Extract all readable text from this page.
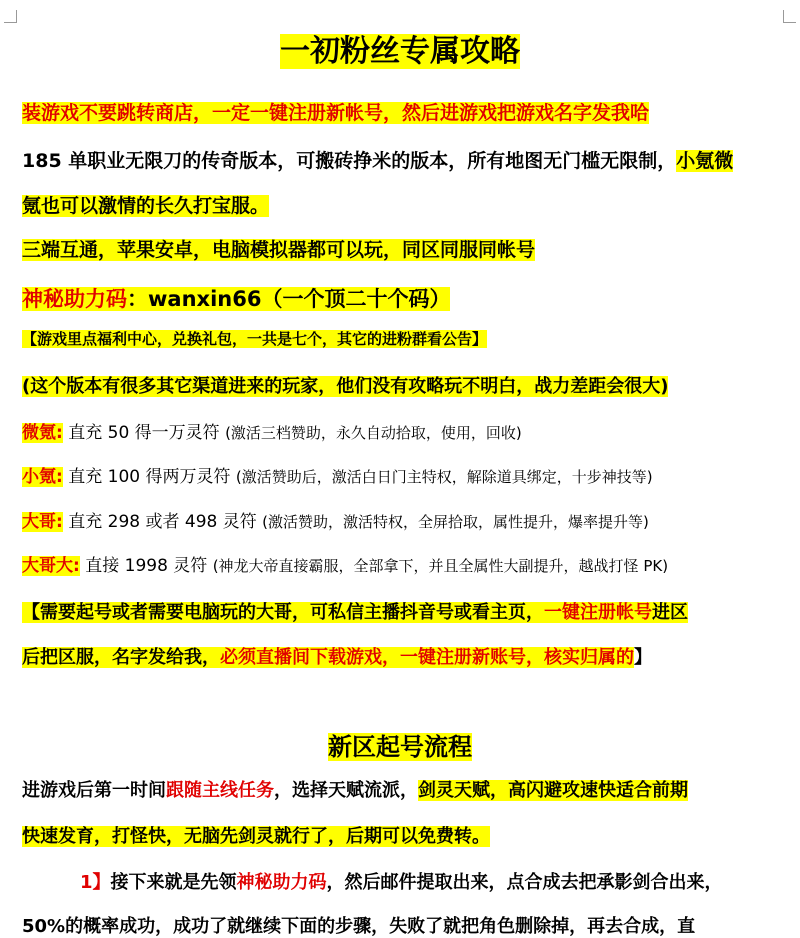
一初粉丝专属攻略
装游戏不要跳转商店，一定一键注册新帐号，然后进游戏把游戏名字发我哈
185 单职业无限刀的传奇版本，可搬砖挣米的版本，所有地图无门槛无限制，小氪微
氪也可以激情的长久打宝服。
三端互通，苹果安卓，电脑模拟器都可以玩，同区同服同帐号
神秘助力码：wanxin66（一个顶二十个码）
【游戏里点福利中心，兑换礼包，一共是七个，其它的进粉群看公告】
(这个版本有很多其它渠道进来的玩家，他们没有攻略玩不明白，战力差距会很大)
微氪: 直充 50 得一万灵符 (激活三档赞助，永久自动拾取，使用，回收)
小氪: 直充 100 得两万灵符 (激活赞助后，激活白日门主特权，解除道具绑定，十步神技等)
大哥: 直充 298 或者 498 灵符 (激活赞助，激活特权，全屏拾取，属性提升，爆率提升等)
大哥大: 直接 1998 灵符 (神龙大帝直接霸服，全部拿下，并且全属性大副提升，越战打怪 PK)
【需要起号或者需要电脑玩的大哥，可私信主播抖音号或看主页，一键注册帐号进区
后把区服，名字发给我，必须直播间下载游戏，一键注册新账号，核实归属的】
新区起号流程
进游戏后第一时间跟随主线任务，选择天赋流派，剑灵天赋，高闪避攻速快适合前期
快速发育，打怪快，无脑先剑灵就行了，后期可以免费转。
1】接下来就是先领神秘助力码，然后邮件提取出来，点合成去把承影剑合出来，
50%的概率成功，成功了就继续下面的步骤，失败了就把角色删除掉，再去合成，直
